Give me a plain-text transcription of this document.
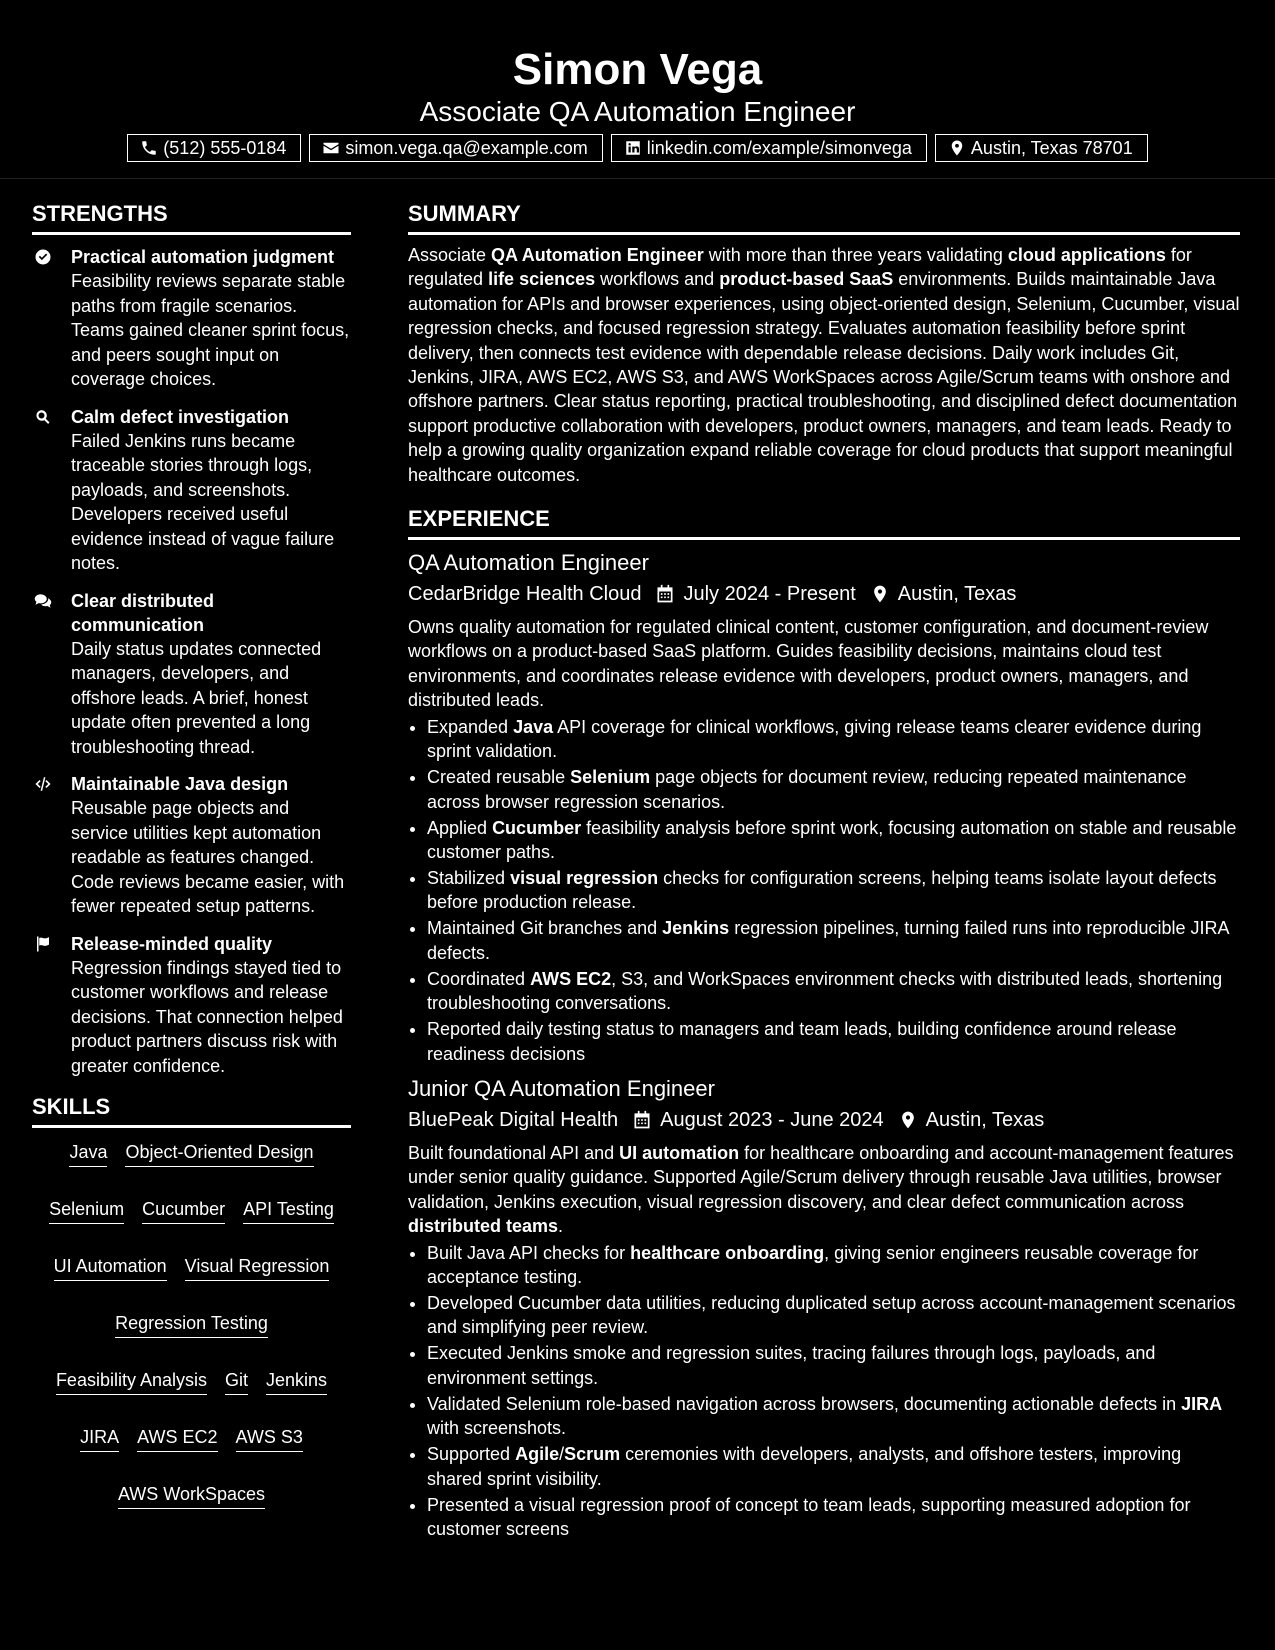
Simon Vega
Associate QA Automation Engineer
(512) 555-0184	simon.vega.qa@example.com	linkedin.com/example/simonvega	Austin, Texas 78701
STRENGTHS
Practical automation judgment
Feasibility reviews separate stable paths from fragile scenarios. Teams gained cleaner sprint focus, and peers sought input on coverage choices.
Calm defect investigation
Failed Jenkins runs became traceable stories through logs, payloads, and screenshots. Developers received useful evidence instead of vague failure notes.
Clear distributed communication
Daily status updates connected managers, developers, and offshore leads. A brief, honest update often prevented a long troubleshooting thread.
Maintainable Java design
Reusable page objects and service utilities kept automation readable as features changed. Code reviews became easier, with fewer repeated setup patterns.
Release-minded quality
Regression findings stayed tied to customer workflows and release decisions. That connection helped product partners discuss risk with greater confidence.
SKILLS
Java Object-Oriented Design
Selenium Cucumber API Testing
UI Automation Visual Regression
Regression Testing
Feasibility Analysis Git Jenkins
JIRA AWS EC2 AWS S3
AWS WorkSpaces
SUMMARY
Associate QA Automation Engineer with more than three years validating cloud applications for regulated life sciences workflows and product-based SaaS environments. Builds maintainable Java automation for APIs and browser experiences, using object-oriented design, Selenium, Cucumber, visual regression checks, and focused regression strategy. Evaluates automation feasibility before sprint delivery, then connects test evidence with dependable release decisions. Daily work includes Git, Jenkins, JIRA, AWS EC2, AWS S3, and AWS WorkSpaces across Agile/Scrum teams with onshore and offshore partners. Clear status reporting, practical troubleshooting, and disciplined defect documentation support productive collaboration with developers, product owners, managers, and team leads. Ready to help a growing quality organization expand reliable coverage for cloud products that support meaningful healthcare outcomes.
EXPERIENCE
QA Automation Engineer
CedarBridge Health Cloud July 2024 - Present Austin, Texas
Owns quality automation for regulated clinical content, customer configuration, and document-review workflows on a product-based SaaS platform. Guides feasibility decisions, maintains cloud test environments, and coordinates release evidence with developers, product owners, managers, and distributed leads.
• Expanded Java API coverage for clinical workflows, giving release teams clearer evidence during sprint validation.
• Created reusable Selenium page objects for document review, reducing repeated maintenance across browser regression scenarios.
• Applied Cucumber feasibility analysis before sprint work, focusing automation on stable and reusable customer paths.
• Stabilized visual regression checks for configuration screens, helping teams isolate layout defects before production release.
• Maintained Git branches and Jenkins regression pipelines, turning failed runs into reproducible JIRA defects.
• Coordinated AWS EC2, S3, and WorkSpaces environment checks with distributed leads, shortening troubleshooting conversations.
• Reported daily testing status to managers and team leads, building confidence around release readiness decisions
Junior QA Automation Engineer
BluePeak Digital Health August 2023 - June 2024 Austin, Texas
Built foundational API and UI automation for healthcare onboarding and account-management features under senior quality guidance. Supported Agile/Scrum delivery through reusable Java utilities, browser validation, Jenkins execution, visual regression discovery, and clear defect communication across distributed teams.
• Built Java API checks for healthcare onboarding, giving senior engineers reusable coverage for acceptance testing.
• Developed Cucumber data utilities, reducing duplicated setup across account-management scenarios and simplifying peer review.
• Executed Jenkins smoke and regression suites, tracing failures through logs, payloads, and environment settings.
• Validated Selenium role-based navigation across browsers, documenting actionable defects in JIRA with screenshots.
• Supported Agile/Scrum ceremonies with developers, analysts, and offshore testers, improving shared sprint visibility.
• Presented a visual regression proof of concept to team leads, supporting measured adoption for customer screens
